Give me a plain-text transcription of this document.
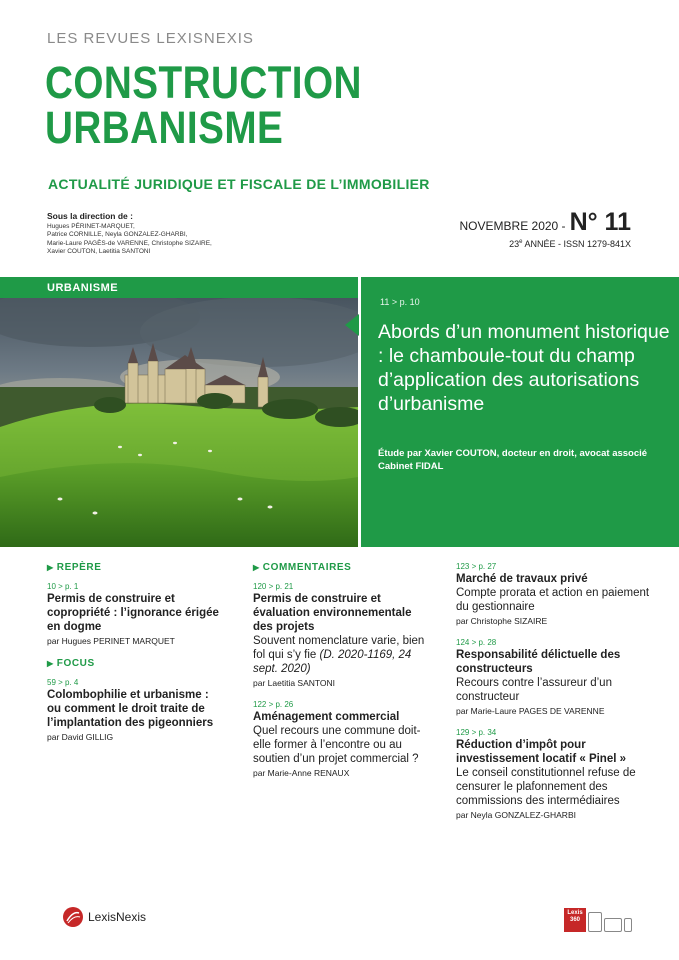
LES REVUES LEXISNEXIS
CONSTRUCTION
URBANISME
ACTUALITÉ JURIDIQUE ET FISCALE DE L’IMMOBILIER
Sous la direction de :
Hugues PÉRINET-MARQUET,
Patrice CORNILLE, Neyla GONZALEZ-GHARBI,
Marie-Laure PAGÈS-de VARENNE, Christophe SIZAIRE,
Xavier COUTON, Laetitia SANTONI
NOVEMBRE 2020 - N° 11
23e ANNÉE - ISSN 1279-841X
URBANISME
11 > p. 10
Abords d’un monument historique : le chamboule-tout du champ d’application des autorisations d’urbanisme
Étude par Xavier COUTON, docteur en droit, avocat associé Cabinet FIDAL
▶ REPÈRE
10 > p. 1
Permis de construire et copropriété : l’ignorance érigée en dogme
par Hugues PERINET MARQUET
▶ FOCUS
59 > p. 4
Colombophilie et urbanisme : ou comment le droit traite de l’implantation des pigeonniers
par David GILLIG
▶ COMMENTAIRES
120 > p. 21
Permis de construire et évaluation environnementale des projets
Souvent nomenclature varie, bien fol qui s’y fie (D. 2020-1169, 24 sept. 2020)
par Laetitia SANTONI
122 > p. 26
Aménagement commercial
Quel recours une commune doit-elle former à l’encontre ou au soutien d’un projet commercial ?
par Marie-Anne RENAUX
123 > p. 27
Marché de travaux privé
Compte prorata et action en paiement du gestionnaire
par Christophe SIZAIRE
124 > p. 28
Responsabilité délictuelle des constructeurs
Recours contre l’assureur d’un constructeur
par Marie-Laure PAGES DE VARENNE
129 > p. 34
Réduction d’impôt pour investissement locatif « Pinel »
Le conseil constitutionnel refuse de censurer le plafonnement des commissions des intermédiaires
par Neyla GONZALEZ-GHARBI
LexisNexis	Lexis 360
